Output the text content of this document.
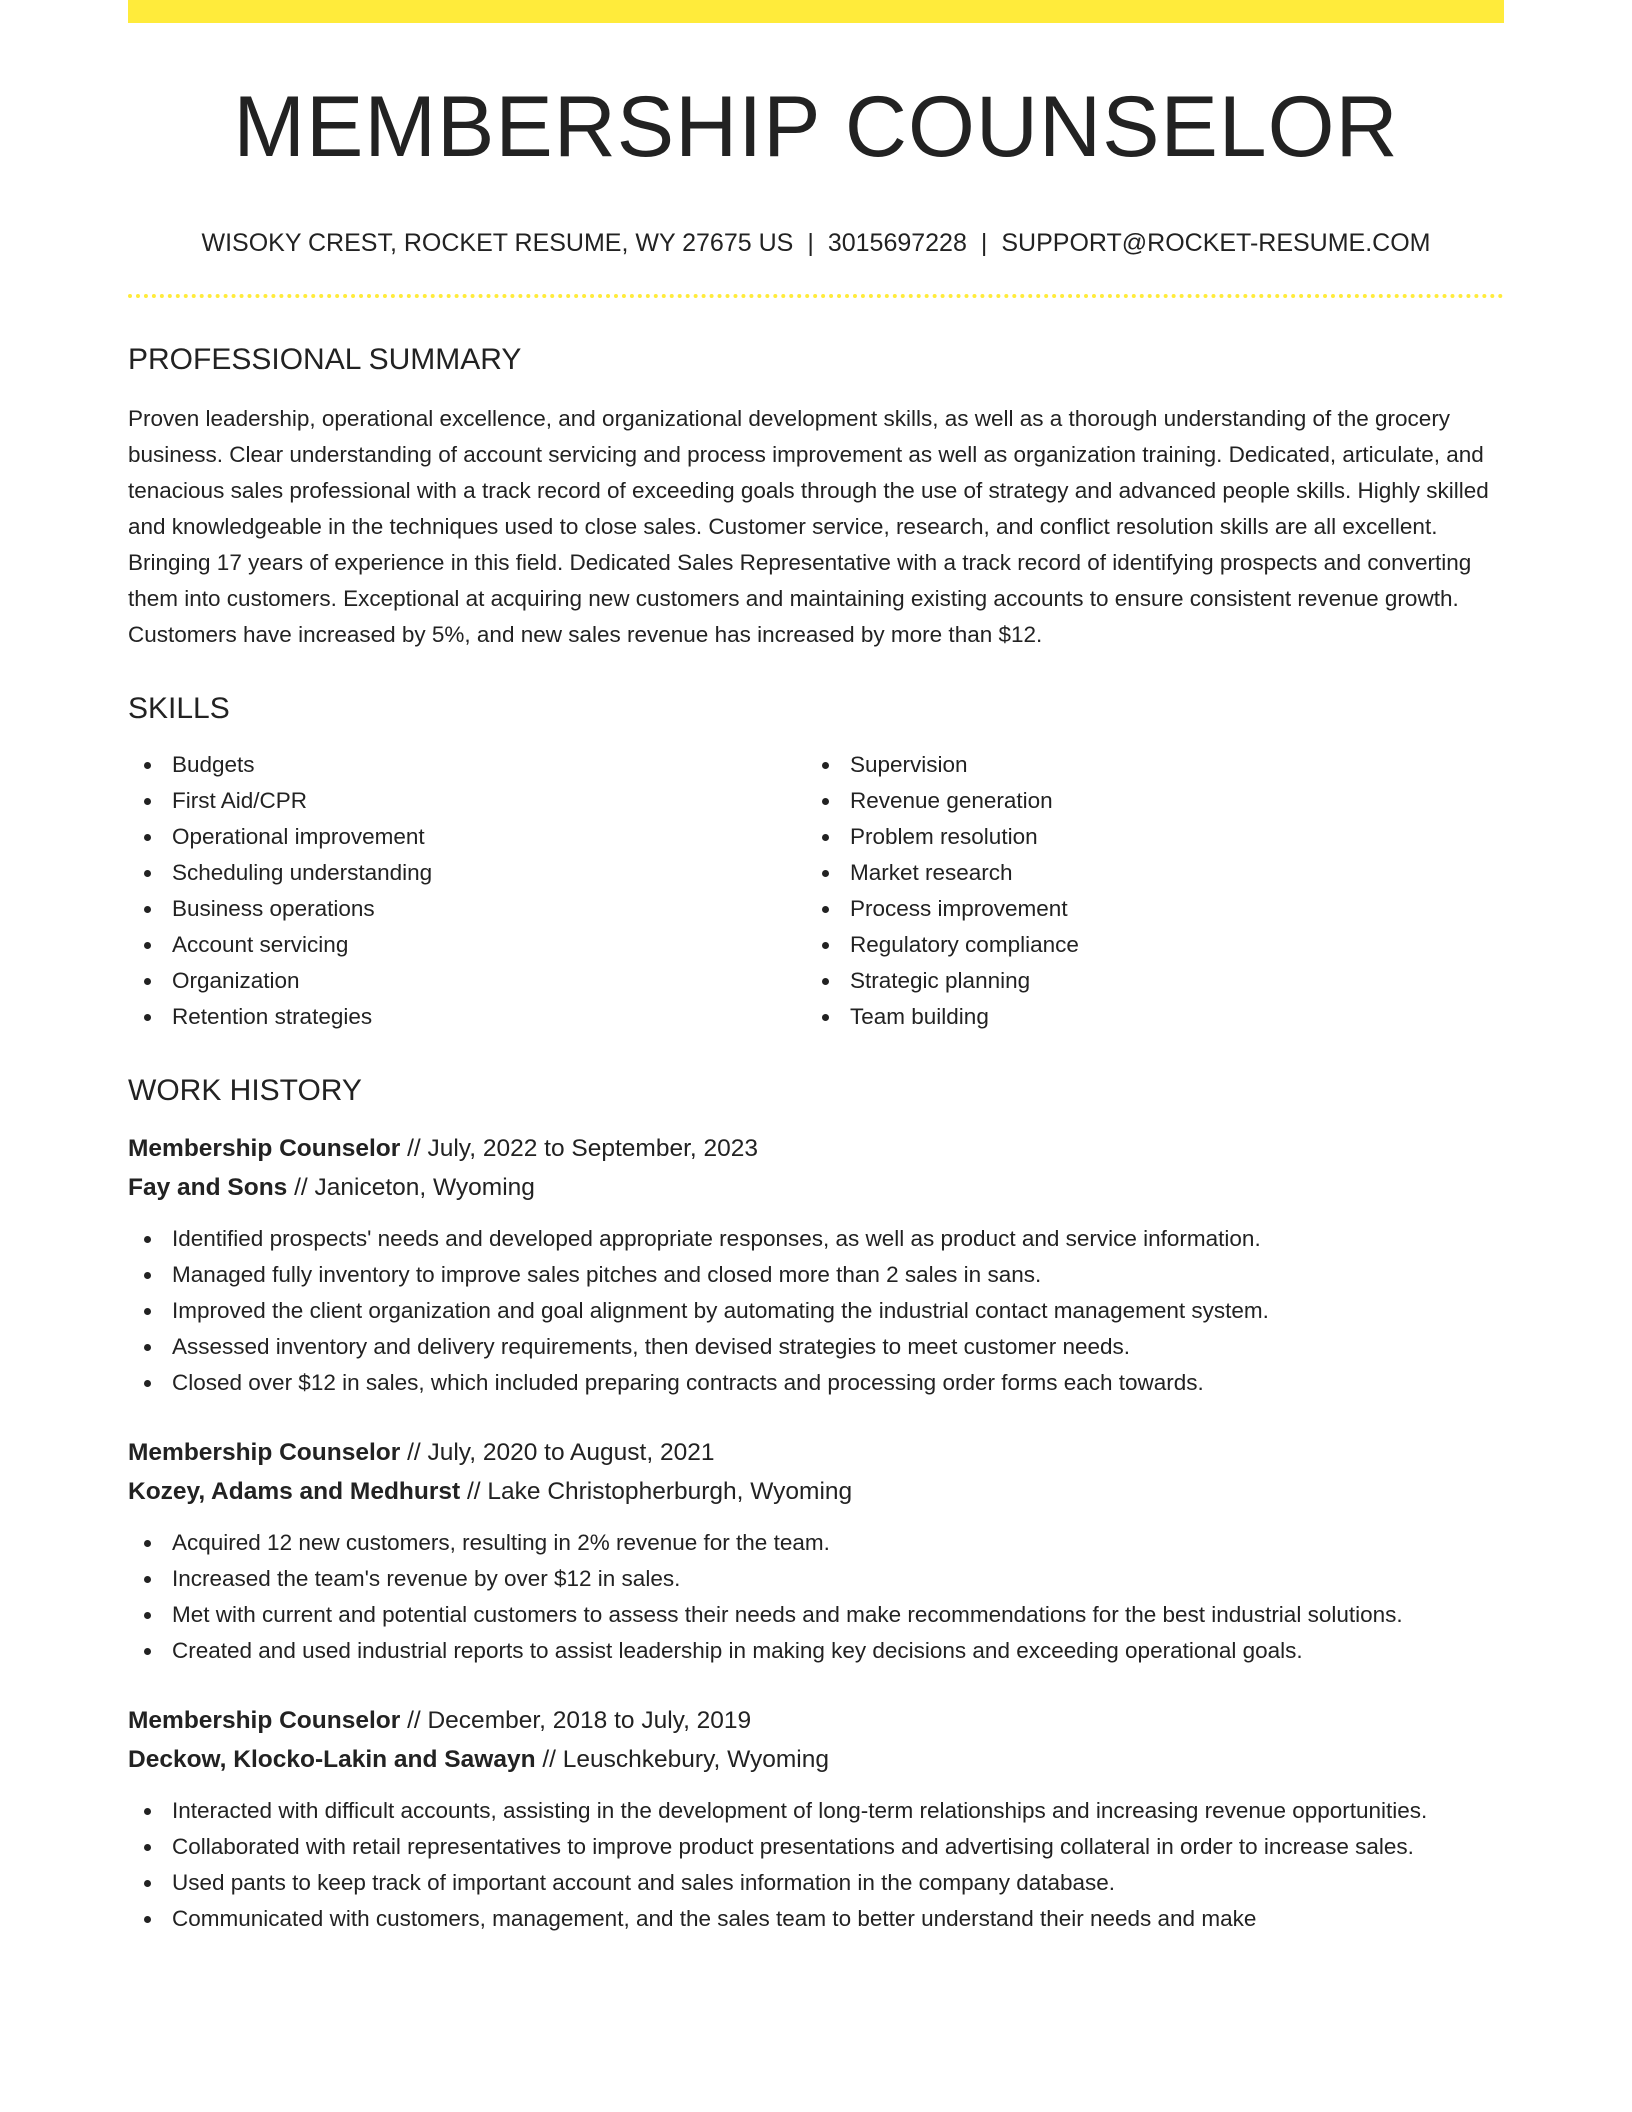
MEMBERSHIP COUNSELOR
WISOKY CREST, ROCKET RESUME, WY 27675 US | 3015697228 | SUPPORT@ROCKET-RESUME.COM
PROFESSIONAL SUMMARY

Proven leadership, operational excellence, and organizational development skills, as well as a thorough understanding of the grocery business. Clear understanding of account servicing and process improvement as well as organization training. Dedicated, articulate, and tenacious sales professional with a track record of exceeding goals through the use of strategy and advanced people skills. Highly skilled and knowledgeable in the techniques used to close sales. Customer service, research, and conflict resolution skills are all excellent. Bringing 17 years of experience in this field. Dedicated Sales Representative with a track record of identifying prospects and converting them into customers. Exceptional at acquiring new customers and maintaining existing accounts to ensure consistent revenue growth. Customers have increased by 5%, and new sales revenue has increased by more than $12.

SKILLS
Budgets
First Aid/CPR
Operational improvement
Scheduling understanding
Business operations
Account servicing
Organization
Retention strategies
Supervision
Revenue generation
Problem resolution
Market research
Process improvement
Regulatory compliance
Strategic planning
Team building
WORK HISTORY
Membership Counselor // July, 2022 to September, 2023
Fay and Sons // Janiceton, Wyoming
Identified prospects' needs and developed appropriate responses, as well as product and service information.
Managed fully inventory to improve sales pitches and closed more than 2 sales in sans.
Improved the client organization and goal alignment by automating the industrial contact management system.
Assessed inventory and delivery requirements, then devised strategies to meet customer needs.
Closed over $12 in sales, which included preparing contracts and processing order forms each towards.
Membership Counselor // July, 2020 to August, 2021
Kozey, Adams and Medhurst // Lake Christopherburgh, Wyoming
Acquired 12 new customers, resulting in 2% revenue for the team.
Increased the team's revenue by over $12 in sales.
Met with current and potential customers to assess their needs and make recommendations for the best industrial solutions.
Created and used industrial reports to assist leadership in making key decisions and exceeding operational goals.
Membership Counselor // December, 2018 to July, 2019
Deckow, Klocko-Lakin and Sawayn // Leuschkebury, Wyoming
Interacted with difficult accounts, assisting in the development of long-term relationships and increasing revenue opportunities.
Collaborated with retail representatives to improve product presentations and advertising collateral in order to increase sales.
Used pants to keep track of important account and sales information in the company database.
Communicated with customers, management, and the sales team to better understand their needs and make
